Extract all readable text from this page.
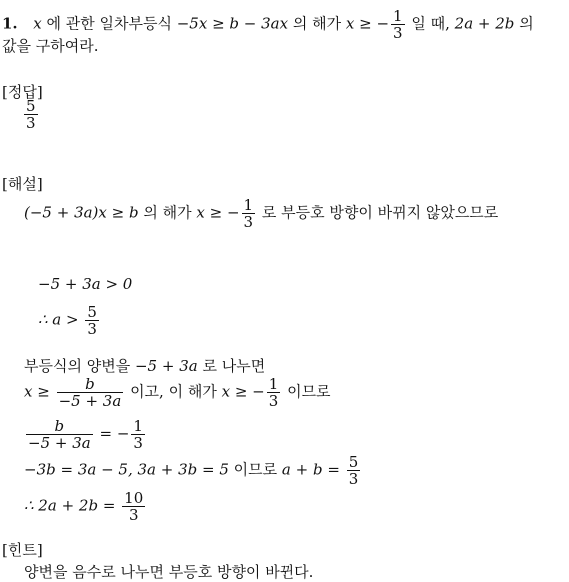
1. x 에 관한 일차부등식 −5x ≥ b − 3ax 의 해가 x ≥ − $\frac{1}{3}$ 일 때, 2a + 2b 의
값을 구하여라.
[정답]
$\frac{5}{3}$
[해설]
(−5 + 3a)x ≥ b 의 해가 x ≥ − $\frac{1}{3}$ 로 부등호 방향이 바뀌지 않았으므로
−5 + 3a > 0
∴ $a > \frac{5}{3}$
부등식의 양변을 −5 + 3a 로 나누면
$x \ge \frac{b}{-5 + 3a}$ 이고, 이 해가 x ≥ − $\frac{1}{3}$ 이므로
$\frac{b}{-5 + 3a}$ = − $\frac{1}{3}$
−3b = 3a − 5, 3a + 3b = 5 이므로 $a + b = \frac{5}{3}$
∴ $2a + 2b = \frac{10}{3}$
[힌트]
양변을 음수로 나누면 부등호 방향이 바뀐다.
